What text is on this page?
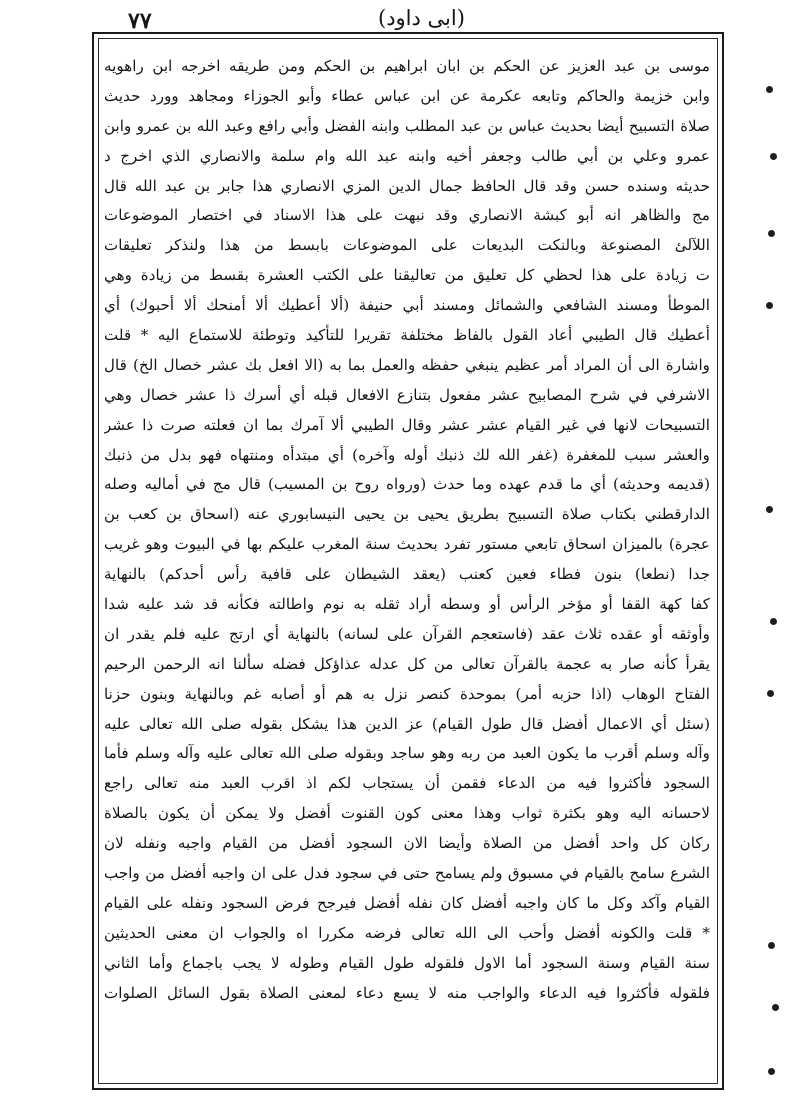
٧٧	(ابی داود)
موسى بن عبد العزيز عن الحكم بن ابان ابراهيم بن الحكم ومن طريقه اخرجه ابن راهويه
وابن خزيمة والحاكم وتابعه عكرمة عن ابن عباس عطاء وأبو الجوزاء ومجاهد وورد حديث
صلاة التسبيح أيضا بحديث عباس بن عبد المطلب وابنه الفضل وأبي رافع وعبد الله بن عمرو وابن
عمرو وعلي بن أبي طالب وجعفر أخيه وابنه عبد الله وام سلمة والانصاري الذي اخرج د
حديثه وسنده حسن وقد قال الحافظ جمال الدين المزي الانصاري هذا جابر بن عبد الله قال
مج والظاهر انه أبو كبشة الانصاري وقد نبهت على هذا الاسناد في اختصار الموضوعات
اللآلئ المصنوعة وبالنكت البديعات على الموضوعات بابسط من هذا ولنذكر تعليقات
ت زيادة على هذا لحظي كل تعليق من تعاليقنا على الكتب العشرة بقسط من زيادة وهي
الموطأ ومسند الشافعي والشمائل ومسند أبي حنيفة (ألا أعطيك ألا أمنحك ألا أحبوك) أي
أعطيك قال الطيبي أعاد القول بالفاظ مختلفة تقريرا للتأكيد وتوطئة للاستماع اليه * قلت
واشارة الى أن المراد أمر عظيم ينبغي حفظه والعمل بما به (الا افعل بك عشر خصال الخ) قال
الاشرفي في شرح المصابيح عشر مفعول بتنازع الافعال قبله أي أسرك ذا عشر خصال وهي
التسبيحات لانها في غير القيام عشر عشر وقال الطيبي ألا آمرك بما ان فعلته صرت ذا عشر
والعشر سبب للمغفرة (غفر الله لك ذنبك أوله وآخره) أي مبتدأه ومنتهاه فهو بدل من ذنبك
(قديمه وحديثه) أي ما قدم عهده وما حدث (ورواه روح بن المسيب) قال مج في أماليه وصله
الدارقطني بكتاب صلاة التسبيح بطريق يحيى بن يحيى النيسابوري عنه (اسحاق بن كعب بن
عجرة) بالميزان اسحاق تابعي مستور تفرد بحديث سنة المغرب عليكم بها في البيوت وهو غريب
جدا (نطعا) بنون فطاء فعين كعنب (يعقد الشيطان على قافية رأس أحدكم) بالنهاية
كفا كهة القفا أو مؤخر الرأس أو وسطه أراد ثقله به نوم واطالته فكأنه قد شد عليه شدا
وأوثقه أو عقده ثلاث عقد (فاستعجم القرآن على لسانه) بالنهاية أي ارتج عليه فلم يقدر ان
يقرأ كأنه صار به عجمة بالقرآن تعالى من كل عدله عذاؤكل فضله سألنا انه الرحمن الرحيم
الفتاح الوهاب (اذا حزبه أمر) بموحدة كنصر نزل به هم أو أصابه غم وبالنهاية وبنون حزنا
(سئل أي الاعمال أفضل قال طول القيام) عز الدين هذا يشكل بقوله صلى الله تعالى عليه
وآله وسلم أقرب ما يكون العبد من ربه وهو ساجد وبقوله صلى الله تعالى عليه وآله وسلم فأما
السجود فأكثروا فيه من الدعاء فقمن أن يستجاب لكم اذ اقرب العبد منه تعالى راجع
لاحسانه اليه وهو بكثرة ثواب وهذا معنى كون القنوت أفضل ولا يمكن أن يكون بالصلاة
ركان كل واحد أفضل من الصلاة وأيضا الان السجود أفضل من القيام واجبه ونفله لان
الشرع سامح بالقيام في مسبوق ولم يسامح حتى في سجود فدل على ان واجبه أفضل من واجب
القيام وآكد وكل ما كان واجبه أفضل كان نفله أفضل فيرجح فرض السجود ونفله على القيام
* قلت والكونه أفضل وأحب الى الله تعالى فرضه مكررا اه والجواب ان معنى الحديثين
سنة القيام وسنة السجود أما الاول فلقوله طول القيام وطوله لا يجب باجماع وأما الثاني
فلقوله فأكثروا فيه الدعاء والواجب منه لا يسع دعاء لمعنى الصلاة بقول السائل الصلوات
